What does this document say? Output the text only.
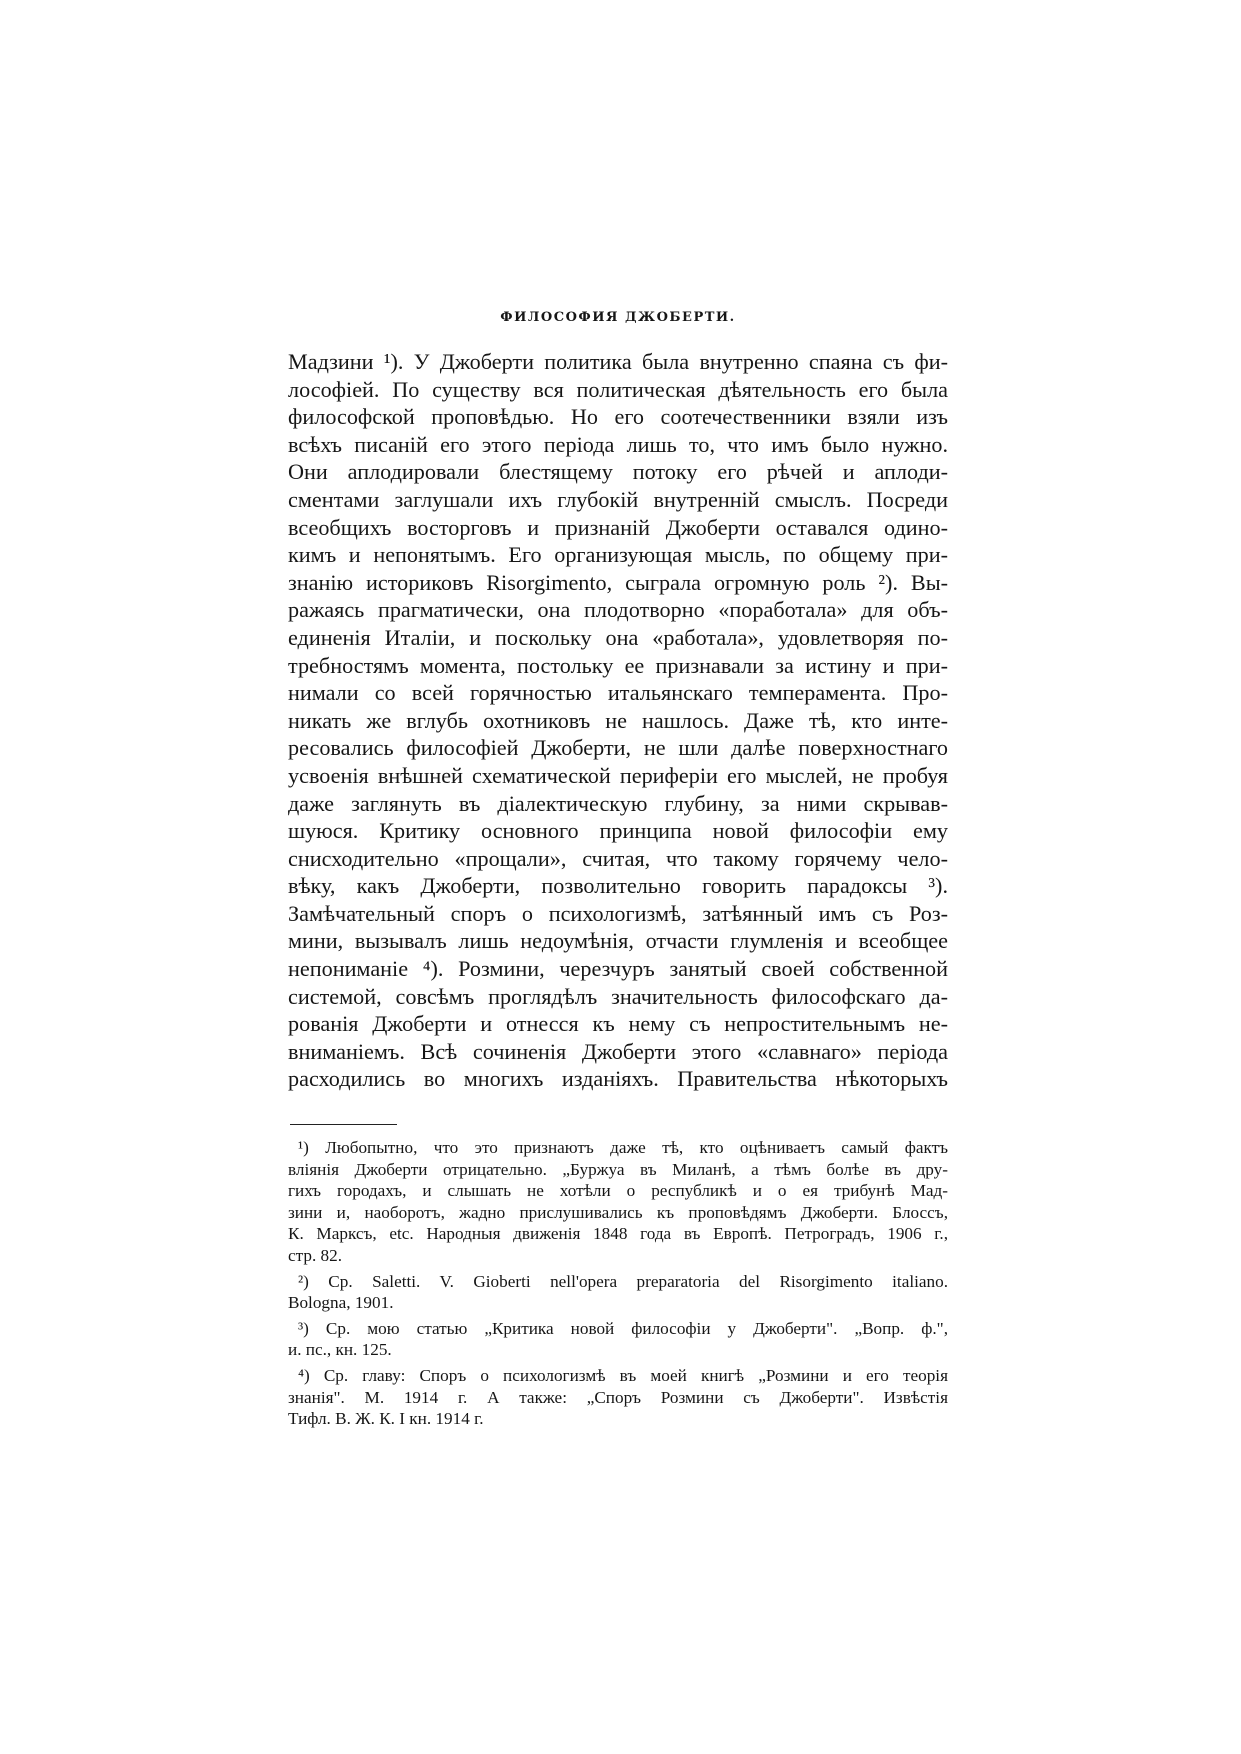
ФИЛОСОФИЯ ДЖОБЕРТИ.
Мадзини ¹). У Джоберти политика была внутренно спаяна съ фи-
лософіей. По существу вся политическая дѣятельность его была
философской проповѣдью. Но его соотечественники взяли изъ
всѣхъ писаній его этого періода лишь то, что имъ было нужно.
Они аплодировали блестящему потоку его рѣчей и аплоди-
сментами заглушали ихъ глубокій внутренній смыслъ. Посреди
всеобщихъ восторговъ и признаній Джоберти оставался одино-
кимъ и непонятымъ. Его организующая мысль, по общему при-
знанію историковъ Risorgimento, сыграла огромную роль ²). Вы-
ражаясь прагматически, она плодотворно «поработала» для объ-
единенія Италіи, и поскольку она «работала», удовлетворяя по-
требностямъ момента, постольку ее признавали за истину и при-
нимали со всей горячностью итальянскаго темперамента. Про-
никать же вглубь охотниковъ не нашлось. Даже тѣ, кто инте-
ресовались философіей Джоберти, не шли далѣе поверхностнаго
усвоенія внѣшней схематической периферіи его мыслей, не пробуя
даже заглянуть въ діалектическую глубину, за ними скрывав-
шуюся. Критику основного принципа новой философіи ему
снисходительно «прощали», считая, что такому горячему чело-
вѣку, какъ Джоберти, позволительно говорить парадоксы ³).
Замѣчательный споръ о психологизмѣ, затѣянный имъ съ Роз-
мини, вызывалъ лишь недоумѣнія, отчасти глумленія и всеобщее
непониманіе ⁴). Розмини, черезчуръ занятый своей собственной
системой, совсѣмъ проглядѣлъ значительность философскаго да-
рованія Джоберти и отнесся къ нему съ непростительнымъ не-
вниманіемъ. Всѣ сочиненія Джоберти этого «славнаго» періода
расходились во многихъ изданіяхъ. Правительства нѣкоторыхъ
¹) Любопытно, что это признаютъ даже тѣ, кто оцѣниваетъ самый фактъ
вліянія Джоберти отрицательно. „Буржуа въ Миланѣ, а тѣмъ болѣе въ дру-
гихъ городахъ, и слышать не хотѣли о республикѣ и о ея трибунѣ Мад-
зини и, наоборотъ, жадно прислушивались къ проповѣдямъ Джоберти. Блоссъ,
К. Марксъ, etc. Народныя движенія 1848 года въ Европѣ. Петроградъ, 1906 г.,
стр. 82.
²) Ср. Saletti. V. Gioberti nell'opera preparatoria del Risorgimento italiano.
Bologna, 1901.
³) Ср. мою статью „Критика новой философіи у Джоберти". „Вопр. ф.",
и. пс., кн. 125.
⁴) Ср. главу: Споръ о психологизмѣ въ моей книгѣ „Розмини и его теорія
знанія". М. 1914 г. А также: „Споръ Розмини съ Джоберти". Извѣстія
Тифл. В. Ж. К. I кн. 1914 г.
